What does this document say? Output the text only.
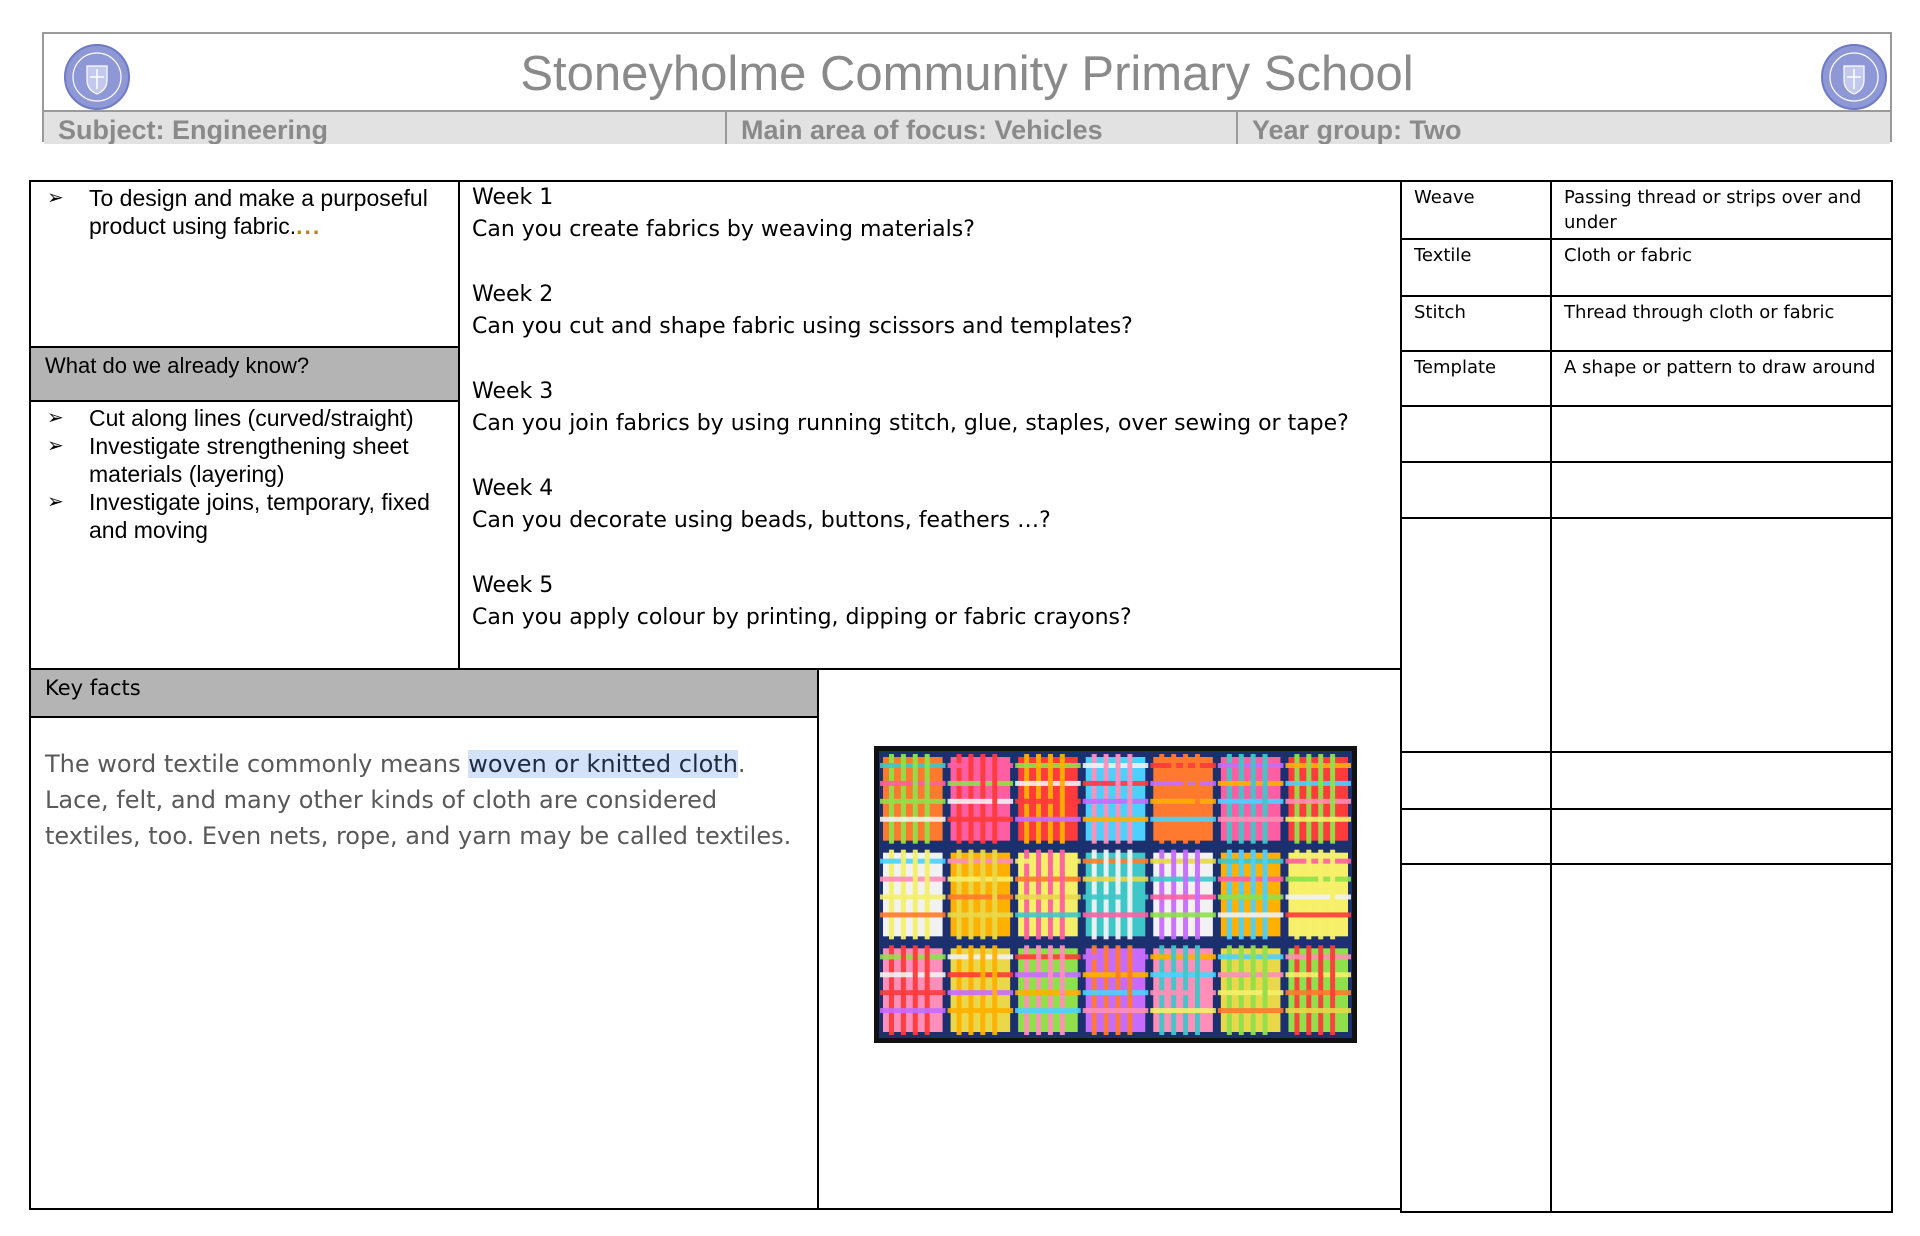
Stoneyholme Community Primary School
Subject: Engineering	Main area of focus: Vehicles	Year group: Two
➢ To design and make a purposeful product using fabric....
What do we already know?
➢ Cut along lines (curved/straight)
➢ Investigate strengthening sheet materials (layering)
➢ Investigate joins, temporary, fixed and moving
Week 1
Can you create fabrics by weaving materials?
Week 2
Can you cut and shape fabric using scissors and templates?
Week 3
Can you join fabrics by using running stitch, glue, staples, over sewing or tape?
Week 4
Can you decorate using beads, buttons, feathers …?
Week 5
Can you apply colour by printing, dipping or fabric crayons?
Weave	Passing thread or strips over and under
Textile	Cloth or fabric
Stitch	Thread through cloth or fabric
Template	A shape or pattern to draw around

Key facts

The word textile commonly means woven or knitted cloth. Lace, felt, and many other kinds of cloth are considered textiles, too. Even nets, rope, and yarn may be called textiles.
